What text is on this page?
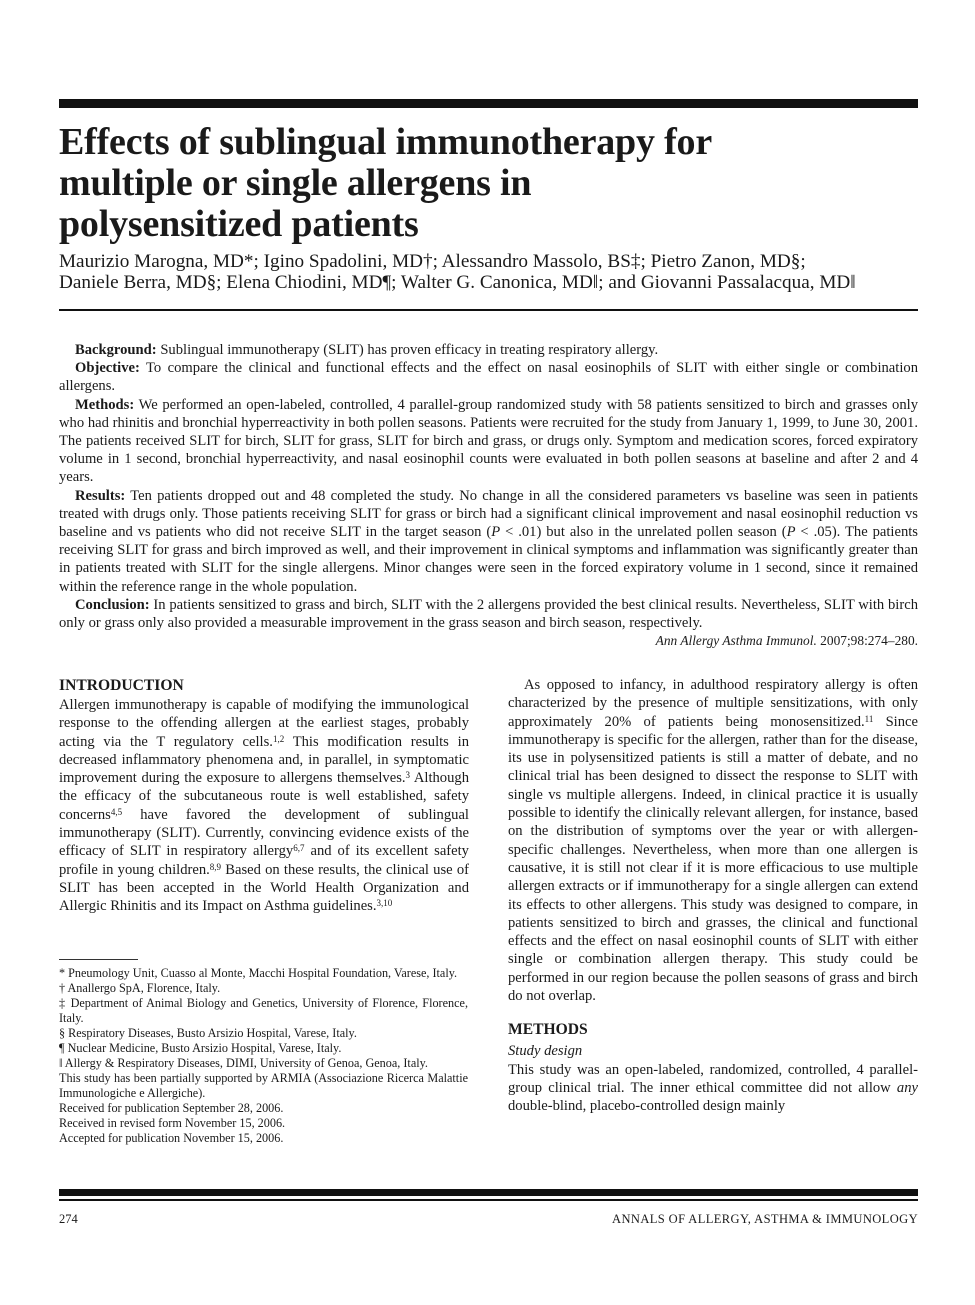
Effects of sublingual immunotherapy for multiple or single allergens in polysensitized patients
Maurizio Marogna, MD*; Igino Spadolini, MD†; Alessandro Massolo, BS‡; Pietro Zanon, MD§;
Daniele Berra, MD§; Elena Chiodini, MD¶; Walter G. Canonica, MD‖; and Giovanni Passalacqua, MD‖

Background: Sublingual immunotherapy (SLIT) has proven efficacy in treating respiratory allergy.

Objective: To compare the clinical and functional effects and the effect on nasal eosinophils of SLIT with either single or combination allergens.

Methods: We performed an open-labeled, controlled, 4 parallel-group randomized study with 58 patients sensitized to birch and grasses only who had rhinitis and bronchial hyperreactivity in both pollen seasons. Patients were recruited for the study from January 1, 1999, to June 30, 2001. The patients received SLIT for birch, SLIT for grass, SLIT for birch and grass, or drugs only. Symptom and medication scores, forced expiratory volume in 1 second, bronchial hyperreactivity, and nasal eosinophil counts were evaluated in both pollen seasons at baseline and after 2 and 4 years.

Results: Ten patients dropped out and 48 completed the study. No change in all the considered parameters vs baseline was seen in patients treated with drugs only. Those patients receiving SLIT for grass or birch had a significant clinical improvement and nasal eosinophil reduction vs baseline and vs patients who did not receive SLIT in the target season (P < .01) but also in the unrelated pollen season (P < .05). The patients receiving SLIT for grass and birch improved as well, and their improvement in clinical symptoms and inflammation was significantly greater than in patients treated with SLIT for the single allergens. Minor changes were seen in the forced expiratory volume in 1 second, since it remained within the reference range in the whole population.

Conclusion: In patients sensitized to grass and birch, SLIT with the 2 allergens provided the best clinical results. Nevertheless, SLIT with birch only or grass only also provided a measurable improvement in the grass season and birch season, respectively.

Ann Allergy Asthma Immunol. 2007;98:274–280.

INTRODUCTION

Allergen immunotherapy is capable of modifying the immunological response to the offending allergen at the earliest stages, probably acting via the T regulatory cells.$^{1,2}$ This modification results in decreased inflammatory phenomena and, in parallel, in symptomatic improvement during the exposure to allergens themselves.$^3$ Although the efficacy of the subcutaneous route is well established, safety concerns$^{4,5}$ have favored the development of sublingual immunotherapy (SLIT). Currently, convincing evidence exists of the efficacy of SLIT in respiratory allergy$^{6,7}$ and of its excellent safety profile in young children.$^{8,9}$ Based on these results, the clinical use of SLIT has been accepted in the World Health Organization and Allergic Rhinitis and its Impact on Asthma guidelines.$^{3,10}$

* Pneumology Unit, Cuasso al Monte, Macchi Hospital Foundation, Varese, Italy.

† Anallergo SpA, Florence, Italy.

‡ Department of Animal Biology and Genetics, University of Florence, Florence, Italy.

§ Respiratory Diseases, Busto Arsizio Hospital, Varese, Italy.

¶ Nuclear Medicine, Busto Arsizio Hospital, Varese, Italy.

‖ Allergy & Respiratory Diseases, DIMI, University of Genoa, Genoa, Italy.

This study has been partially supported by ARMIA (Associazione Ricerca Malattie Immunologiche e Allergiche).

Received for publication September 28, 2006.

Received in revised form November 15, 2006.

Accepted for publication November 15, 2006.

As opposed to infancy, in adulthood respiratory allergy is often characterized by the presence of multiple sensitizations, with only approximately 20% of patients being monosensitized.$^{11}$ Since immunotherapy is specific for the allergen, rather than for the disease, its use in polysensitized patients is still a matter of debate, and no clinical trial has been designed to dissect the response to SLIT with single vs multiple allergens. Indeed, in clinical practice it is usually possible to identify the clinically relevant allergen, for instance, based on the distribution of symptoms over the year or with allergen-specific challenges. Nevertheless, when more than one allergen is causative, it is still not clear if it is more efficacious to use multiple allergen extracts or if immunotherapy for a single allergen can extend its effects to other allergens. This study was designed to compare, in patients sensitized to birch and grasses, the clinical and functional effects and the effect on nasal eosinophil counts of SLIT with either single or combination allergen therapy. This study could be performed in our region because the pollen seasons of grass and birch do not overlap.

METHODS

Study design

This study was an open-labeled, randomized, controlled, 4 parallel-group clinical trial. The inner ethical committee did not allow any double-blind, placebo-controlled design mainly

274	ANNALS OF ALLERGY, ASTHMA & IMMUNOLOGY
